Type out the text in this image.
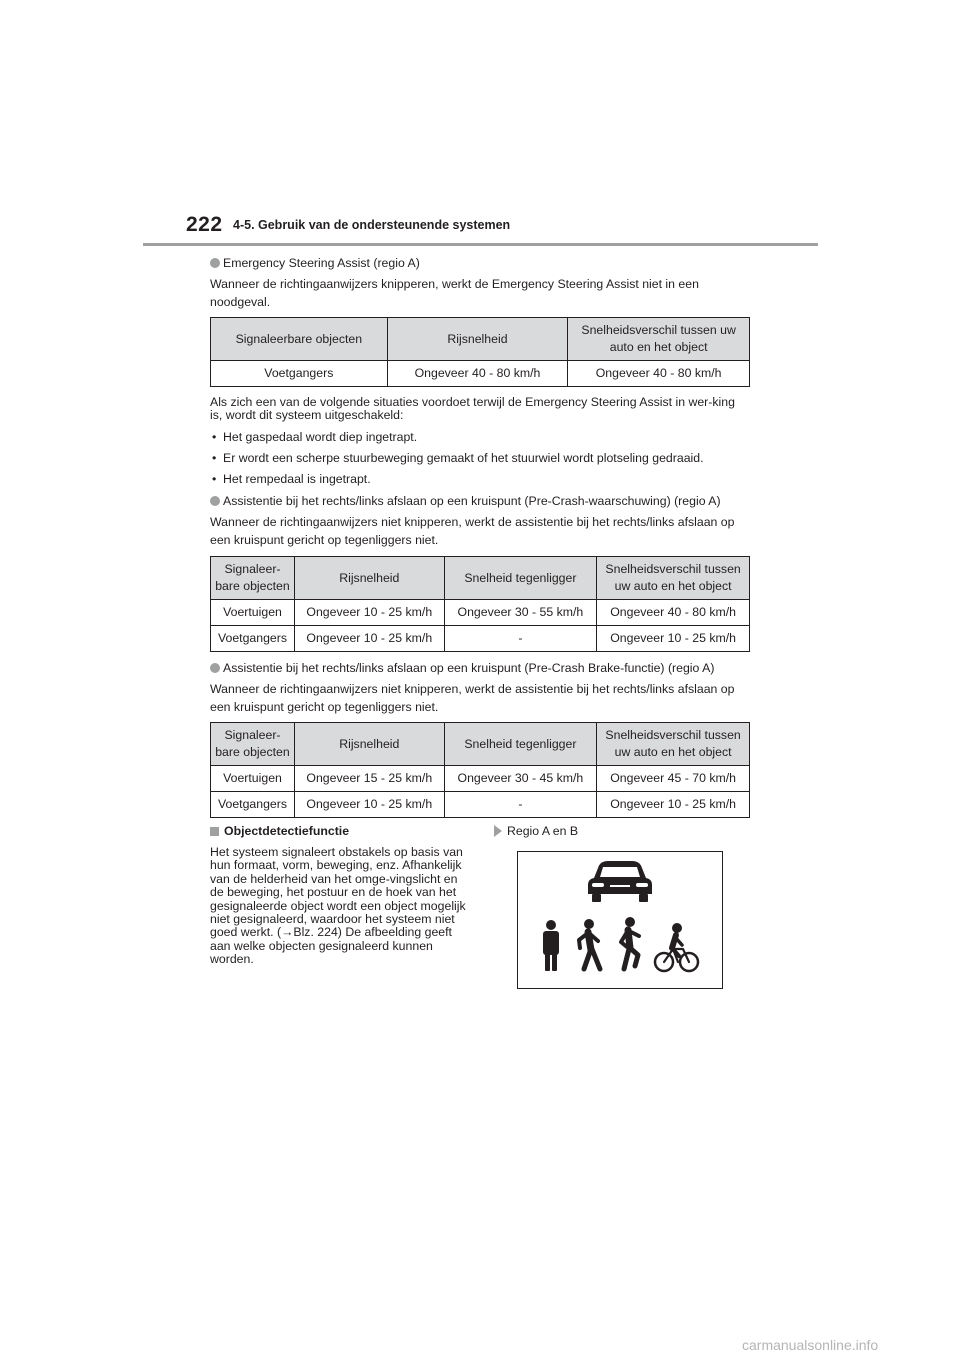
222 4-5. Gebruik van de ondersteunende systemen
Emergency Steering Assist (regio A)

Wanneer de richtingaanwijzers knipperen, werkt de Emergency Steering Assist niet in een noodgeval.

Signaleerbare objecten	Rijsnelheid	Snelheidsverschil tussen uw auto en het object
Voetgangers	Ongeveer 40 - 80 km/h	Ongeveer 40 - 80 km/h

Als zich een van de volgende situaties voordoet terwijl de Emergency Steering Assist in wer-king is, wordt dit systeem uitgeschakeld:

• Het gaspedaal wordt diep ingetrapt.
• Er wordt een scherpe stuurbeweging gemaakt of het stuurwiel wordt plotseling gedraaid.
• Het rempedaal is ingetrapt.
Assistentie bij het rechts/links afslaan op een kruispunt (Pre-Crash-waarschuwing) (regio A)

Wanneer de richtingaanwijzers niet knipperen, werkt de assistentie bij het rechts/links afslaan op een kruispunt gericht op tegenliggers niet.

Signaleer-bare objecten	Rijsnelheid	Snelheid tegenligger	Snelheidsverschil tussen uw auto en het object
Voertuigen	Ongeveer 10 - 25 km/h	Ongeveer 30 - 55 km/h	Ongeveer 40 - 80 km/h
Voetgangers	Ongeveer 10 - 25 km/h	-	Ongeveer 10 - 25 km/h
Assistentie bij het rechts/links afslaan op een kruispunt (Pre-Crash Brake-functie) (regio A)

Wanneer de richtingaanwijzers niet knipperen, werkt de assistentie bij het rechts/links afslaan op een kruispunt gericht op tegenliggers niet.

Signaleer-bare objecten	Rijsnelheid	Snelheid tegenligger	Snelheidsverschil tussen uw auto en het object
Voertuigen	Ongeveer 15 - 25 km/h	Ongeveer 30 - 45 km/h	Ongeveer 45 - 70 km/h
Voetgangers	Ongeveer 10 - 25 km/h	-	Ongeveer 10 - 25 km/h
Objectdetectiefunctie

Het systeem signaleert obstakels op basis van hun formaat, vorm, beweging, enz. Afhankelijk van de helderheid van het omge-vingslicht en de beweging, het postuur en de hoek van het gesignaleerde object wordt een object mogelijk niet gesignaleerd, waardoor het systeem niet goed werkt. (→Blz. 224) De afbeelding geeft aan welke objecten gesignaleerd kunnen worden.

Regio A en B
carmanualsonline.info
